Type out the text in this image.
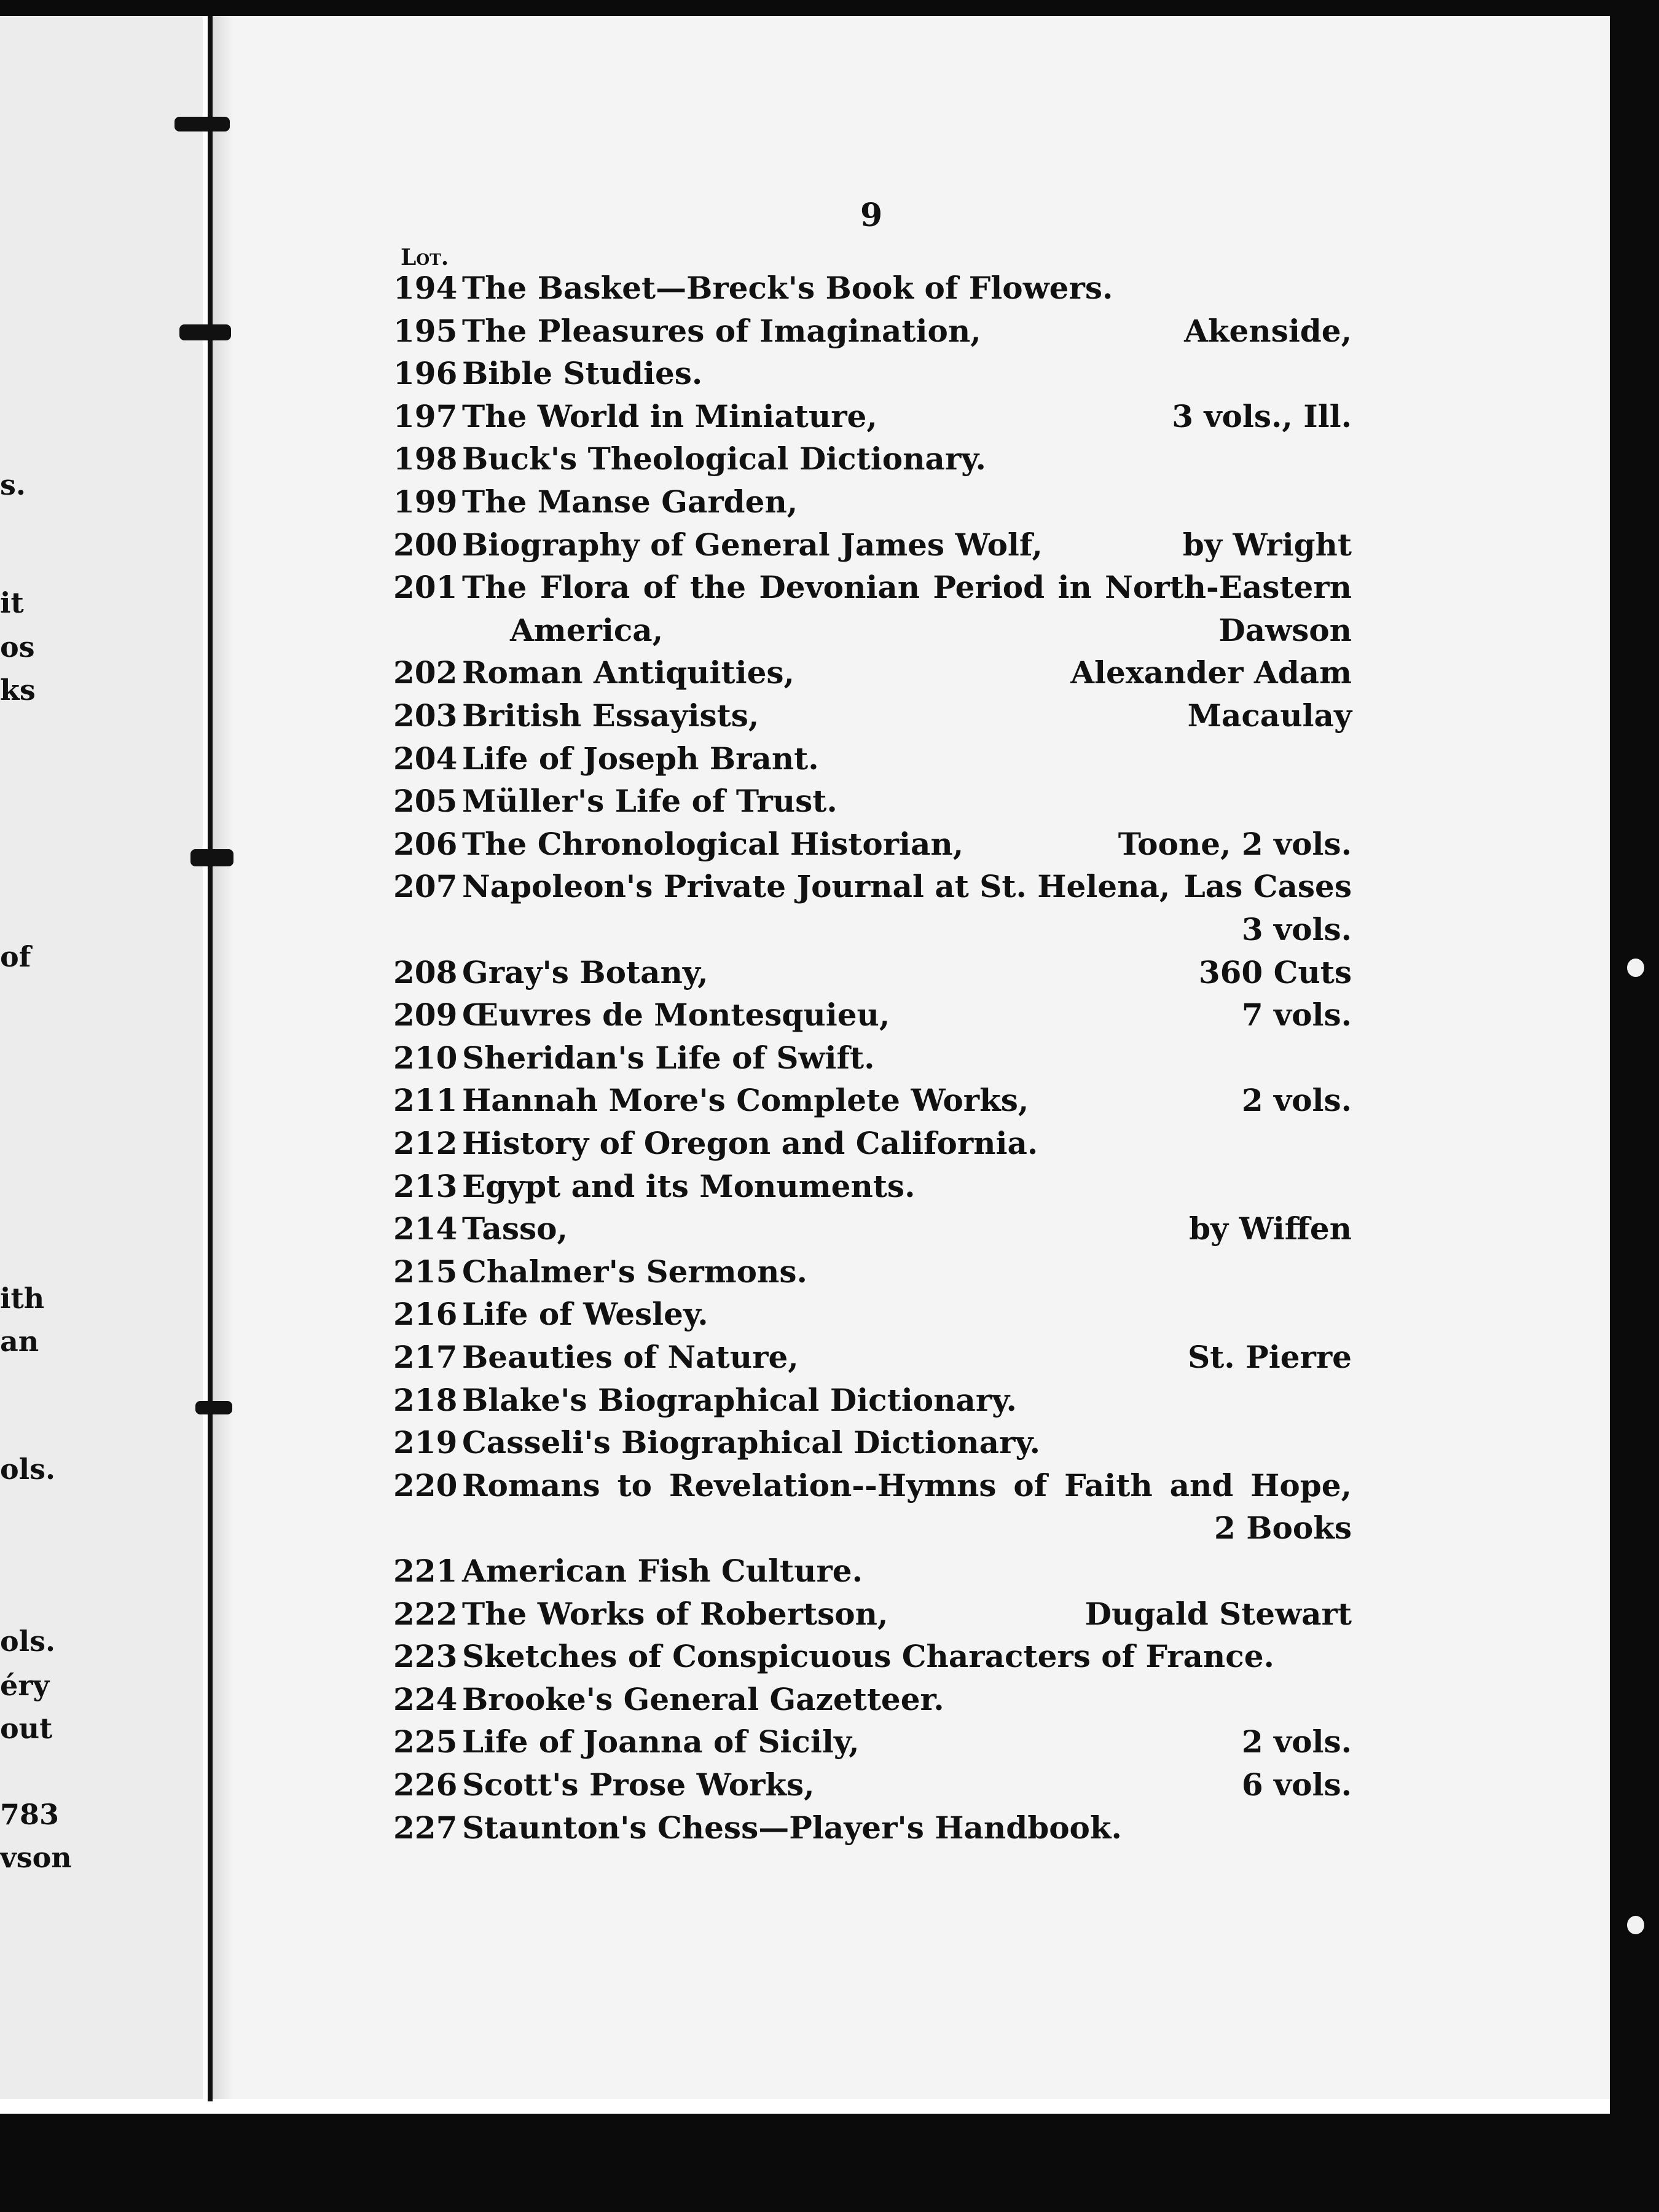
s.
it
os
ks
of
ith
an
ols.
ols.
éry
out
783
vson
9
Lot.
194 The Basket—Breck's Book of Flowers.
195 The Pleasures of Imagination,	Akenside,
196 Bible Studies.
197 The World in Miniature,	3 vols., Ill.
198 Buck's Theological Dictionary.
199 The Manse Garden,
200 Biography of General James Wolf,	by Wright
201 The Flora of the Devonian Period in North-Eastern
America,	Dawson
202 Roman Antiquities,	Alexander Adam
203 British Essayists,	Macaulay
204 Life of Joseph Brant.
205 Müller's Life of Trust.
206 The Chronological Historian,	Toone, 2 vols.
207 Napoleon's Private Journal at St. Helena, Las Cases
3 vols.
208 Gray's Botany,	360 Cuts
209 Œuvres de Montesquieu,	7 vols.
210 Sheridan's Life of Swift.
211 Hannah More's Complete Works,	2 vols.
212 History of Oregon and California.
213 Egypt and its Monuments.
214 Tasso,	by Wiffen
215 Chalmer's Sermons.
216 Life of Wesley.
217 Beauties of Nature,	St. Pierre
218 Blake's Biographical Dictionary.
219 Casseli's Biographical Dictionary.
220 Romans to Revelation--Hymns of Faith and Hope,
2 Books
221 American Fish Culture.
222 The Works of Robertson,	Dugald Stewart
223 Sketches of Conspicuous Characters of France.
224 Brooke's General Gazetteer.
225 Life of Joanna of Sicily,	2 vols.
226 Scott's Prose Works,	6 vols.
227 Staunton's Chess—Player's Handbook.
